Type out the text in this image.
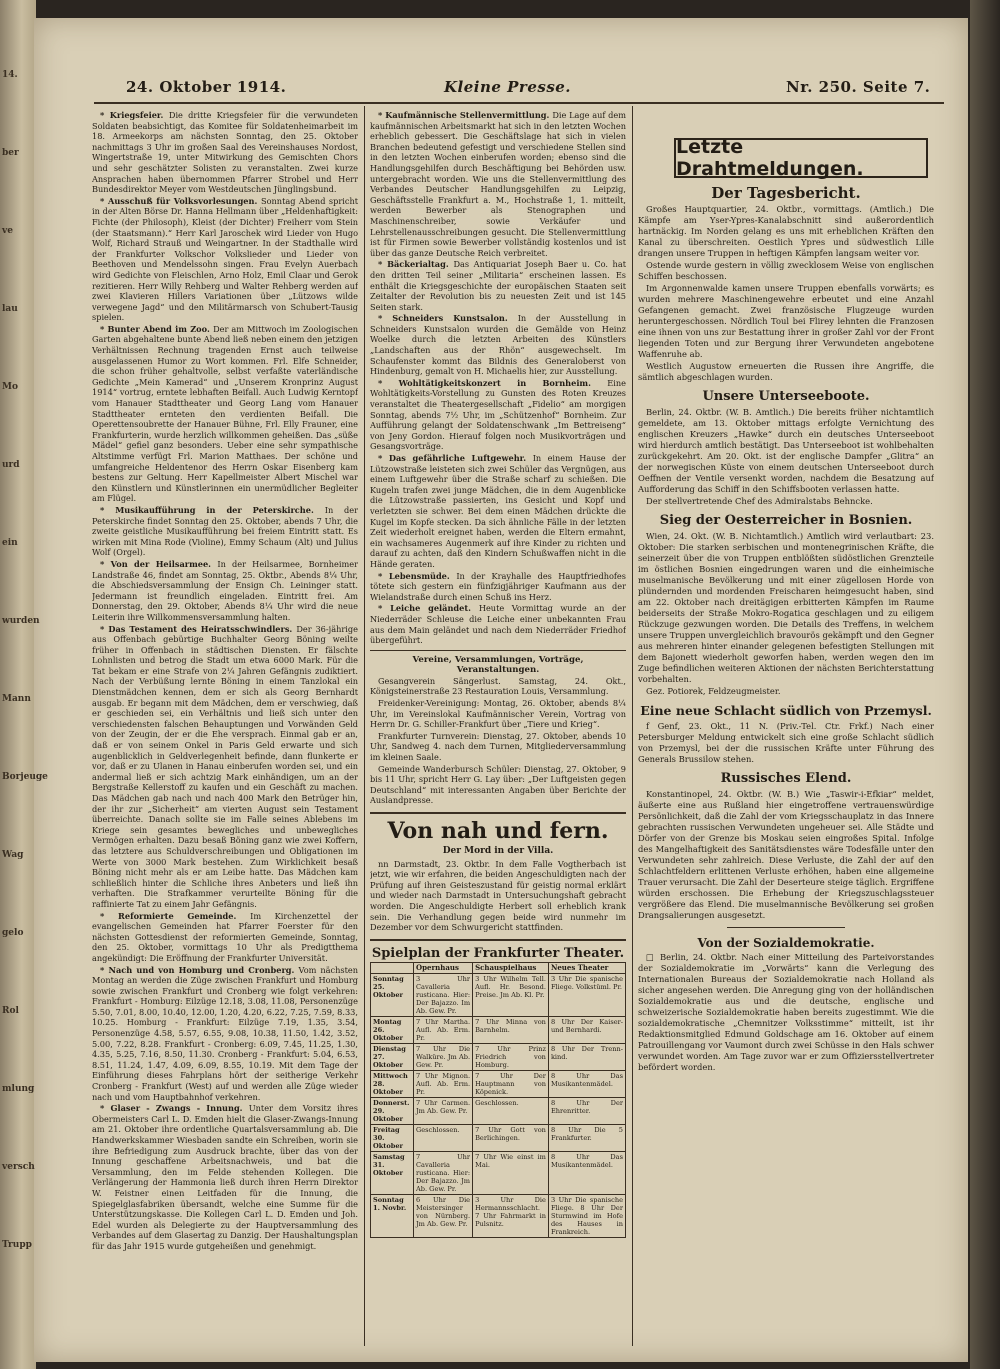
24. Oktober 1914.	Kleine Presse.	Nr. 250. Seite 7.

* Kriegsfeier. Die dritte Kriegsfeier für die verwundeten Soldaten beabsichtigt, das Komitee für Soldatenheimarbeit im 18. Armeekorps am nächsten Sonntag, den 25. Oktober nachmittags 3 Uhr im großen Saal des Vereinshauses Nordost, Wingertstraße 19, unter Mitwirkung des Gemischten Chors und sehr geschätzter Solisten zu veranstalten. Zwei kurze Ansprachen haben übernommen Pfarrer Strobel und Herr Bundesdirektor Meyer vom Westdeutschen Jünglingsbund.

* Ausschuß für Volksvorlesungen. Sonntag Abend spricht in der Alten Börse Dr. Hanna Hellmann über „Heldenhaftigkeit: Fichte (der Philosoph), Kleist (der Dichter) Freiherr vom Stein (der Staatsmann).“ Herr Karl Jaroschek wird Lieder von Hugo Wolf, Richard Strauß und Weingartner. In der Stadthalle wird der Frankfurter Volkschor Volkslieder und Lieder von Beethoven und Mendelssohn singen. Frau Evelyn Auerbach wird Gedichte von Fleischlen, Arno Holz, Emil Claar und Gerok rezitieren. Herr Willy Rehberg und Walter Rehberg werden auf zwei Klavieren Hillers Variationen über „Lützows wilde verwegene Jagd“ und den Militärmarsch von Schubert-Tausig spielen.

* Bunter Abend im Zoo. Der am Mittwoch im Zoologischen Garten abgehaltene bunte Abend ließ neben einem den jetzigen Verhältnissen Rechnung tragenden Ernst auch teilweise ausgelassenen Humor zu Wort kommen. Frl. Elfe Schneider, die schon früher gehaltvolle, selbst verfaßte vaterländische Gedichte „Mein Kamerad“ und „Unserem Kronprinz August 1914“ vortrug, erntete lebhaften Beifall. Auch Ludwig Kerntopf vom Hanauer Stadttheater und Georg Lang vom Hanauer Stadttheater ernteten den verdienten Beifall. Die Operettensoubrette der Hanauer Bühne, Frl. Elly Frauner, eine Frankfurterin, wurde herzlich willkommen geheißen. Das „süße Mädel“ gefiel ganz besonders. Ueber eine sehr sympathische Altstimme verfügt Frl. Marion Matthaes. Der schöne und umfangreiche Heldentenor des Herrn Oskar Eisenberg kam bestens zur Geltung. Herr Kapellmeister Albert Mischel war den Künstlern und Künstlerinnen ein unermüdlicher Begleiter am Flügel.

* Musikaufführung in der Peterskirche. In der Peterskirche findet Sonntag den 25. Oktober, abends 7 Uhr, die zweite geistliche Musikaufführung bei freiem Eintritt statt. Es wirken mit Mina Rode (Violine), Emmy Schaum (Alt) und Julius Wolf (Orgel).

* Von der Heilsarmee. In der Heilsarmee, Bornheimer Landstraße 46, findet am Sonntag, 25. Oktbr., Abends 8¼ Uhr, die Abschiedsversammlung der Ensign Ch. Leininger statt. Jedermann ist freundlich eingeladen. Eintritt frei. Am Donnerstag, den 29. Oktober, Abends 8¼ Uhr wird die neue Leiterin ihre Willkommensversammlung halten.

* Das Testament des Heiratsschwindlers. Der 36-jährige aus Offenbach gebürtige Buchhalter Georg Böning weilte früher in Offenbach in städtischen Diensten. Er fälschte Lohnlisten und betrog die Stadt um etwa 6000 Mark. Für die Tat bekam er eine Strafe von 2¼ Jahren Gefängnis zudiktiert. Nach der Verbüßung lernte Böning in einem Tanzlokal ein Dienstmädchen kennen, dem er sich als Georg Bernhardt ausgab. Er begann mit dem Mädchen, dem er verschwieg, daß er geschieden sei, ein Verhältnis und ließ sich unter den verschiedensten falschen Behauptungen und Vorwänden Geld von der Zeugin, der er die Ehe versprach. Einmal gab er an, daß er von seinem Onkel in Paris Geld erwarte und sich augenblicklich in Geldverlegenheit befinde, dann flunkerte er vor, daß er zu Ulanen in Hanau einberufen worden sei, und ein andermal ließ er sich achtzig Mark einhändigen, um an der Bergstraße Kellerstoff zu kaufen und ein Geschäft zu machen. Das Mädchen gab nach und nach 400 Mark den Betrüger hin, der ihr zur „Sicherheit“ am vierten August sein Testament überreichte. Danach sollte sie im Falle seines Ablebens im Kriege sein gesamtes bewegliches und unbewegliches Vermögen erhalten. Dazu besaß Böning ganz wie zwei Koffern, das letztere aus Schuldverschreibungen und Obligationen im Werte von 3000 Mark bestehen. Zum Wirklichkeit besaß Böning nicht mehr als er am Leibe hatte. Das Mädchen kam schließlich hinter die Schliche ihres Anbeters und ließ ihn verhaften. Die Strafkammer verurteilte Böning für die raffinierte Tat zu einem Jahr Gefängnis.

* Reformierte Gemeinde. Im Kirchenzettel der evangelischen Gemeinden hat Pfarrer Foerster für den nächsten Gottesdienst der reformierten Gemeinde, Sonntag, den 25. Oktober, vormittags 10 Uhr als Predigtthema angekündigt: Die Eröffnung der Frankfurter Universität.

* Nach und von Homburg und Cronberg. Vom nächsten Montag an werden die Züge zwischen Frankfurt und Homburg sowie zwischen Frankfurt und Cronberg wie folgt verkehren: Frankfurt - Homburg: Eilzüge 12.18, 3.08, 11.08, Personenzüge 5.50, 7.01, 8.00, 10.40, 12.00, 1.20, 4.20, 6.22, 7.25, 7.59, 8.33, 10.25. Homburg - Frankfurt: Eilzüge 7.19, 1.35, 3.54, Personenzüge 4.58, 5.57, 6.55, 9.08, 10.38, 11.50, 1.42, 3.52, 5.00, 7.22, 8.28. Frankfurt - Cronberg: 6.09, 7.45, 11.25, 1.30, 4.35, 5.25, 7.16, 8.50, 11.30. Cronberg - Frankfurt: 5.04, 6.53, 8.51, 11.24, 1.47, 4.09, 6.09, 8.55, 10.19. Mit dem Tage der Einführung dieses Fahrplans hört der seitherige Verkehr Cronberg - Frankfurt (West) auf und werden alle Züge wieder nach und vom Hauptbahnhof verkehren.

* Glaser - Zwangs - Innung. Unter dem Vorsitz ihres Obermeisters Carl L. D. Emden hielt die Glaser-Zwangs-Innung am 21. Oktober ihre ordentliche Quartalsversammlung ab. Die Handwerkskammer Wiesbaden sandte ein Schreiben, worin sie ihre Befriedigung zum Ausdruck brachte, über das von der Innung geschaffene Arbeitsnachweis, und bat die Versammlung, den im Felde stehenden Kollegen. Die Verlängerung der Hammonia ließ durch ihren Herrn Direktor W. Feistner einen Leitfaden für die Innung, die Spiegelglasfabriken übersandt, welche eine Summe für die Unterstützungskasse. Die Kollegen Carl L. D. Emden und Joh. Edel wurden als Delegierte zu der Hauptversammlung des Verbandes auf dem Glasertag zu Danzig. Der Haushaltungsplan für das Jahr 1915 wurde gutgeheißen und genehmigt.

* Kaufmännische Stellenvermittlung. Die Lage auf dem kaufmännischen Arbeitsmarkt hat sich in den letzten Wochen erheblich gebessert. Die Geschäftslage hat sich in vielen Branchen bedeutend gefestigt und verschiedene Stellen sind in den letzten Wochen einberufen worden; ebenso sind die Handlungsgehilfen durch Beschäftigung bei Behörden usw. untergebracht worden. Wie uns die Stellenvermittlung des Verbandes Deutscher Handlungsgehilfen zu Leipzig, Geschäftsstelle Frankfurt a. M., Hochstraße 1, 1. mitteilt, werden Bewerber als Stenographen und Maschinenschreiber, sowie Verkäufer und Lehrstellenausschreibungen gesucht. Die Stellenvermittlung ist für Firmen sowie Bewerber vollständig kostenlos und ist über das ganze Deutsche Reich verbreitet.

* Bäckerialtag. Das Antiquariat Joseph Baer u. Co. hat den dritten Teil seiner „Militaria“ erscheinen lassen. Es enthält die Kriegsgeschichte der europäischen Staaten seit Zeitalter der Revolution bis zu neuesten Zeit und ist 145 Seiten stark.

* Schneiders Kunstsalon. In der Ausstellung in Schneiders Kunstsalon wurden die Gemälde von Heinz Woelke durch die letzten Arbeiten des Künstlers „Landschaften aus der Rhön“ ausgewechselt. Im Schaufenster kommt das Bildnis des Generaloberst von Hindenburg, gemalt von H. Michaelis hier, zur Ausstellung.

* Wohltätigkeitskonzert in Bornheim. Eine Wohltätigkeits-Vorstellung zu Gunsten des Roten Kreuzes veranstaltet die Theatergesellschaft „Fidelio“ am morgigen Sonntag, abends 7½ Uhr, im „Schützenhof“ Bornheim. Zur Aufführung gelangt der Soldatenschwank „Im Bettreiseng“ von Jeny Gordon. Hierauf folgen noch Musikvorträgen und Gesangsvorträge.

* Das gefährliche Luftgewehr. In einem Hause der Lützowstraße leisteten sich zwei Schüler das Vergnügen, aus einem Luftgewehr über die Straße scharf zu schießen. Die Kugeln trafen zwei junge Mädchen, die in dem Augenblicke die Lützowstraße passierten, ins Gesicht und Kopf und verletzten sie schwer. Bei dem einen Mädchen drückte die Kugel im Kopfe stecken. Da sich ähnliche Fälle in der letzten Zeit wiederholt ereignet haben, werden die Eltern ermahnt, ein wachsameres Augenmerk auf ihre Kinder zu richten und darauf zu achten, daß den Kindern Schußwaffen nicht in die Hände geraten.

* Lebensmüde. In der Krayhalle des Hauptfriedhofes tötete sich gestern ein fünfzigjähriger Kaufmann aus der Wielandstraße durch einen Schuß ins Herz.

* Leiche geländet. Heute Vormittag wurde an der Niederräder Schleuse die Leiche einer unbekannten Frau aus dem Main geländet und nach dem Niederräder Friedhof übergeführt.

Vereine, Versammlungen, Vorträge, Veranstaltungen.

Gesangverein Sängerlust. Samstag, 24. Okt., Königsteinerstraße 23 Restauration Louis, Versammlung.

Freidenker-Vereinigung: Montag, 26. Oktober, abends 8¼ Uhr, im Vereinslokal Kaufmännischer Verein, Vortrag von Herrn Dr. G. Schiller-Frankfurt über „Tiere und Krieg“.

Frankfurter Turnverein: Dienstag, 27. Oktober, abends 10 Uhr, Sandweg 4. nach dem Turnen, Mitgliederversammlung im kleinen Saale.

Gemeinde Wanderbursch Schüler: Dienstag, 27. Oktober, 9 bis 11 Uhr, spricht Herr G. Lay über: „Der Luftgeisten gegen Deutschland“ mit interessanten Angaben über Berichte der Auslandpresse.

Von nah und fern.
Der Mord in der Villa.

nn Darmstadt, 23. Oktbr. In dem Falle Vogtherbach ist jetzt, wie wir erfahren, die beiden Angeschuldigten nach der Prüfung auf ihren Geisteszustand für geistig normal erklärt und wieder nach Darmstadt in Untersuchungshaft gebracht worden. Die Angeschuldigte Herbert soll erheblich krank sein. Die Verhandlung gegen beide wird nunmehr im Dezember vor dem Schwurgericht stattfinden.

Spielplan der Frankfurter Theater.
	Opernhaus	Schauspielhaus	Neues Theater
Sonntag 25. Oktober	3 Uhr Cavalleria rusticana. Hier: Der Bajazzo. Im Ab. Gew. Pr.	3 Uhr Wilhelm Tell. Aufl. Hr. Besond. Preise. Jm Ab. Kl. Pr.	3 Uhr Die spanische Fliege. Volkstüml. Pr.
Montag 26. Oktober	7 Uhr Martha. Aufl. Ab. Erm. Pr.	7 Uhr Minna von Barnhelm.	8 Uhr Der Kaiser- und Bernhardi.
Dienstag 27. Oktober	7 Uhr Die Walküre. Jm Ab. Gew. Pr.	7 Uhr Prinz Friedrich von Homburg.	8 Uhr Der Trenn-kind.
Mittwoch 28. Oktober	7 Uhr Mignon. Aufl. Ab. Erm. Pr.	7 Uhr Der Hauptmann von Köpenick.	8 Uhr Das Musikantenmädel.
Donnerst. 29. Oktober	7 Uhr Carmen. Jm Ab. Gew. Pr.	Geschlossen.	8 Uhr Der Ehrenritter.
Freitag 30. Oktober	Geschlossen.	7 Uhr Gott von Berlichingen.	8 Uhr Die 5 Frankfurter.
Samstag 31. Oktober	7 Uhr Cavalleria rusticana. Hier: Der Bajazzo. Jm Ab. Gew. Pr.	7 Uhr Wie einst im Mai.	8 Uhr Das Musikantenmädel.
Sonntag 1. Novbr.	6 Uhr Die Meistersinger von Nürnberg. Jm Ab. Gew. Pr.	3 Uhr Die Hermannsschlacht. 7 Uhr Fahrmarkt in Pulsnitz.	3 Uhr Die spanische Fliege. 8 Uhr Der Sturmwind im Hofe des Hauses in Frankreich.
Letzte Drahtmeldungen.
Der Tagesbericht.

Großes Hauptquartier, 24. Oktbr., vormittags. (Amtlich.) Die Kämpfe am Yser-Ypres-Kanalabschnitt sind außerordentlich hartnäckig. Im Norden gelang es uns mit erheblichen Kräften den Kanal zu überschreiten. Oestlich Ypres und südwestlich Lille drangen unsere Truppen in heftigen Kämpfen langsam weiter vor.

Ostende wurde gestern in völlig zwecklosem Weise von englischen Schiffen beschossen.

Im Argonnenwalde kamen unsere Truppen ebenfalls vorwärts; es wurden mehrere Maschinengewehre erbeutet und eine Anzahl Gefangenen gemacht. Zwei französische Flugzeuge wurden heruntergeschossen. Nördlich Toul bei Flirey lehnten die Franzosen eine ihnen von uns zur Bestattung ihrer in großer Zahl vor der Front liegenden Toten und zur Bergung ihrer Verwundeten angebotene Waffenruhe ab.

Westlich Augustow erneuerten die Russen ihre Angriffe, die sämtlich abgeschlagen wurden.

Unsere Unterseeboote.

Berlin, 24. Oktbr. (W. B. Amtlich.) Die bereits früher nichtamtlich gemeldete, am 13. Oktober mittags erfolgte Vernichtung des englischen Kreuzers „Hawke“ durch ein deutsches Unterseeboot wird hierdurch amtlich bestätigt. Das Unterseeboot ist wohlbehalten zurückgekehrt. Am 20. Okt. ist der englische Dampfer „Glitra“ an der norwegischen Küste von einem deutschen Unterseeboot durch Oeffnen der Ventile versenkt worden, nachdem die Besatzung auf Aufforderung das Schiff in den Schiffsbooten verlassen hatte.

Der stellvertretende Chef des Admiralstabs Behncke.

Sieg der Oesterreicher in Bosnien.

Wien, 24. Okt. (W. B. Nichtamtlich.) Amtlich wird verlautbart: 23. Oktober: Die starken serbischen und montenegrinischen Kräfte, die seinerzeit über die von Truppen entblößten südöstlichen Grenzteile im östlichen Bosnien eingedrungen waren und die einheimische muselmanische Bevölkerung und mit einer zügellosen Horde von plündernden und mordenden Freischaren heimgesucht haben, sind am 22. Oktober nach dreitägigen erbitterten Kämpfen im Raume beiderseits der Straße Mokro-Rogatica geschlagen und zu eiligem Rückzuge gezwungen worden. Die Details des Treffens, in welchem unsere Truppen unvergleichlich bravourös gekämpft und den Gegner aus mehreren hinter einander gelegenen befestigten Stellungen mit dem Bajonett wiederholt geworfen haben, werden wegen den im Zuge befindlichen weiteren Aktionen der nächsten Berichterstattung vorbehalten.

Gez. Potiorek, Feldzeugmeister.

Eine neue Schlacht südlich von Przemysl.

f Genf, 23. Okt., 11 N. (Priv.-Tel. Ctr. Frkf.) Nach einer Petersburger Meldung entwickelt sich eine große Schlacht südlich von Przemysl, bei der die russischen Kräfte unter Führung des Generals Brussilow stehen.

Russisches Elend.

Konstantinopel, 24. Oktbr. (W. B.) Wie „Taswir-i-Efkiar“ meldet, äußerte eine aus Rußland hier eingetroffene vertrauenswürdige Persönlichkeit, daß die Zahl der vom Kriegsschauplatz in das Innere gebrachten russischen Verwundeten ungeheuer sei. Alle Städte und Dörfer von der Grenze bis Moskau seien eingroßes Spital. Infolge des Mangelhaftigkeit des Sanitätsdienstes wäre Todesfälle unter den Verwundeten sehr zahlreich. Diese Verluste, die Zahl der auf den Schlachtfeldern erlittenen Verluste erhöhen, haben eine allgemeine Trauer verursacht. Die Zahl der Deserteure steige täglich. Ergriffene würden erschossen. Die Erhebung der Kriegszuschlagssteuer vergrößere das Elend. Die muselmannische Bevölkerung sei großen Drangsalierungen ausgesetzt.

Von der Sozialdemokratie.

□ Berlin, 24. Oktbr. Nach einer Mitteilung des Parteivorstandes der Sozialdemokratie im „Vorwärts“ kann die Verlegung des Internationalen Bureaus der Sozialdemokratie nach Holland als sicher angesehen werden. Die Anregung ging von der holländischen Sozialdemokratie aus und die deutsche, englische und schweizerische Sozialdemokratie haben bereits zugestimmt. Wie die sozialdemokratische „Chemnitzer Volksstimme“ mitteilt, ist ihr Redaktionsmitglied Edmund Goldschage am 16. Oktober auf einem Patrouillengang vor Vaumont durch zwei Schüsse in den Hals schwer verwundet worden. Am Tage zuvor war er zum Offiziersstellvertreter befördert worden.

14.
ber
ve
lau
Mo
urd
ein
wurden
Mann
Borjeuge
Wag
gelo
Rol
mlung
versch
Trupp
